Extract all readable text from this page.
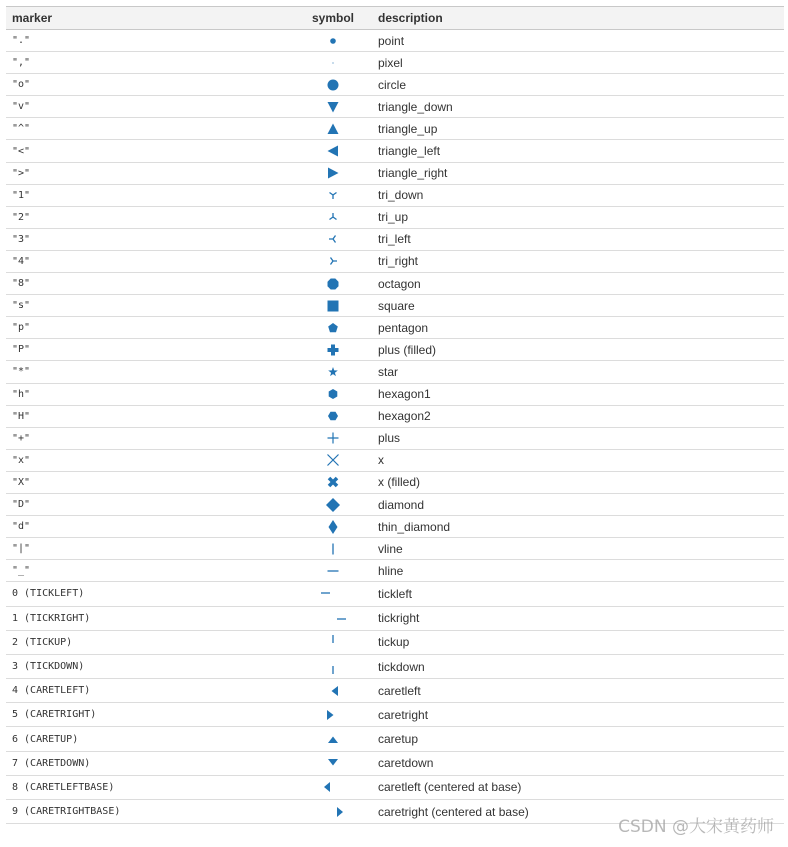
marker	symbol	description
"."	point
","	pixel
"o"	circle
"v"	triangle_down
"^"	triangle_up
"<"	triangle_left
">"	triangle_right
"1"	tri_down
"2"	tri_up
"3"	tri_left
"4"	tri_right
"8"	octagon
"s"	square
"p"	pentagon
"P"	plus (filled)
"*"	star
"h"	hexagon1
"H"	hexagon2
"+"	plus
"x"	x
"X"	x (filled)
"D"	diamond
"d"	thin_diamond
"|"	vline
"_"	hline
0 (TICKLEFT)	tickleft
1 (TICKRIGHT)	tickright
2 (TICKUP)	tickup
3 (TICKDOWN)	tickdown
4 (CARETLEFT)	caretleft
5 (CARETRIGHT)	caretright
6 (CARETUP)	caretup
7 (CARETDOWN)	caretdown
8 (CARETLEFTBASE)	caretleft (centered at base)
9 (CARETRIGHTBASE)	caretright (centered at base)
CSDN @大宋黄药师
